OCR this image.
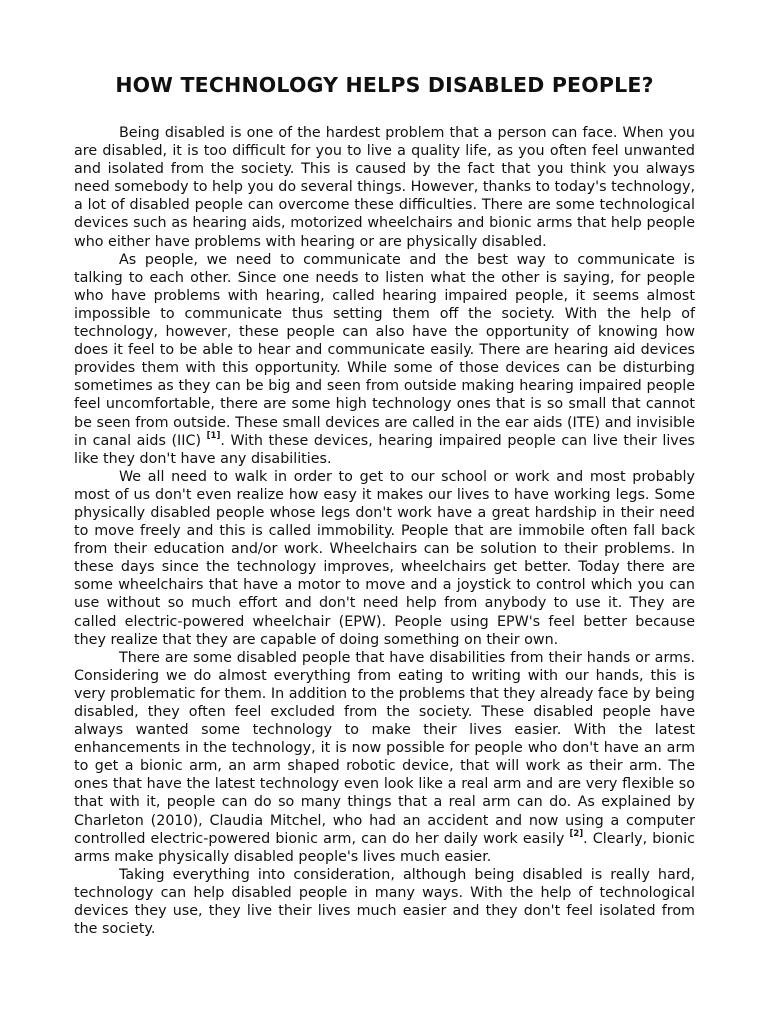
HOW TECHNOLOGY HELPS DISABLED PEOPLE?

Being disabled is one of the hardest problem that a person can face. When you are disabled, it is too difficult for you to live a quality life, as you often feel unwanted and isolated from the society. This is caused by the fact that you think you always need somebody to help you do several things. However, thanks to today's technology, a lot of disabled people can overcome these difficulties. There are some technological devices such as hearing aids, motorized wheelchairs and bionic arms that help people who either have problems with hearing or are physically disabled.

As people, we need to communicate and the best way to communicate is talking to each other. Since one needs to listen what the other is saying, for people who have problems with hearing, called hearing impaired people, it seems almost impossible to communicate thus setting them off the society. With the help of technology, however, these people can also have the opportunity of knowing how does it feel to be able to hear and communicate easily. There are hearing aid devices provides them with this opportunity. While some of those devices can be disturbing sometimes as they can be big and seen from outside making hearing impaired people feel uncomfortable, there are some high technology ones that is so small that cannot be seen from outside. These small devices are called in the ear aids (ITE) and invisible in canal aids (IIC) [1]. With these devices, hearing impaired people can live their lives like they don't have any disabilities.

We all need to walk in order to get to our school or work and most probably most of us don't even realize how easy it makes our lives to have working legs. Some physically disabled people whose legs don't work have a great hardship in their need to move freely and this is called immobility. People that are immobile often fall back from their education and/or work. Wheelchairs can be solution to their problems. In these days since the technology improves, wheelchairs get better. Today there are some wheelchairs that have a motor to move and a joystick to control which you can use without so much effort and don't need help from anybody to use it. They are called electric-powered wheelchair (EPW). People using EPW's feel better because they realize that they are capable of doing something on their own.

There are some disabled people that have disabilities from their hands or arms. Considering we do almost everything from eating to writing with our hands, this is very problematic for them. In addition to the problems that they already face by being disabled, they often feel excluded from the society. These disabled people have always wanted some technology to make their lives easier. With the latest enhancements in the technology, it is now possible for people who don't have an arm to get a bionic arm, an arm shaped robotic device, that will work as their arm. The ones that have the latest technology even look like a real arm and are very flexible so that with it, people can do so many things that a real arm can do. As explained by Charleton (2010), Claudia Mitchel, who had an accident and now using a computer controlled electric-powered bionic arm, can do her daily work easily [2]. Clearly, bionic arms make physically disabled people's lives much easier.

Taking everything into consideration, although being disabled is really hard, technology can help disabled people in many ways. With the help of technological devices they use, they live their lives much easier and they don't feel isolated from the society.
